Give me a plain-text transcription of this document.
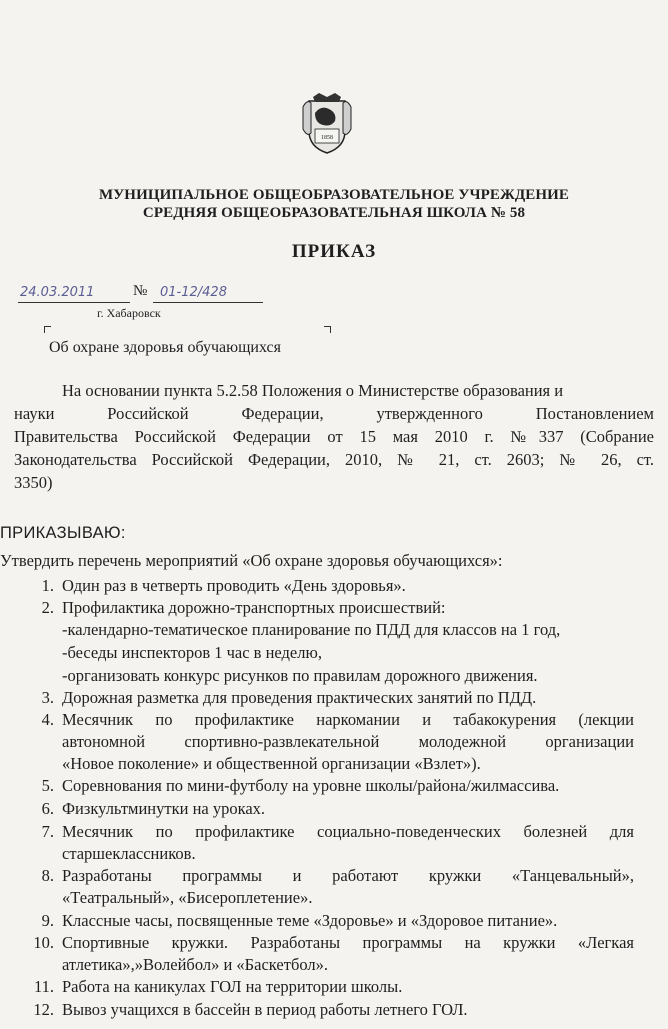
1858
МУНИЦИПАЛЬНОЕ ОБЩЕОБРАЗОВАТЕЛЬНОЕ УЧРЕЖДЕНИЕ
СРЕДНЯЯ ОБЩЕОБРАЗОВАТЕЛЬНАЯ ШКОЛА № 58
ПРИКАЗ
24.03.2011	№ 01-12/428
г. Хабаровск
Об охране здоровья обучающихся
На основании пункта 5.2.58 Положения о Министерстве образования и
науки Российской Федерации, утвержденного Постановлением
Правительства Российской Федерации от 15 мая 2010 г. №337 (Собрание
Законодательства Российской Федерации, 2010, № 21, ст. 2603; № 26, ст.
3350)
ПРИКАЗЫВАЮ:
Утвердить перечень мероприятий «Об охране здоровья обучающихся»:
1. Один раз в четверть проводить «День здоровья».
2. Профилактика дорожно-транспортных происшествий:
-календарно-тематическое планирование по ПДД для классов на 1 год,
-беседы инспекторов 1 час в неделю,
-организовать конкурс рисунков по правилам дорожного движения.
3. Дорожная разметка для проведения практических занятий по ПДД.
4. Месячник по профилактике наркомании и табакокурения (лекции
автономной спортивно-развлекательной молодежной организации
«Новое поколение» и общественной организации «Взлет»).
5. Соревнования по мини-футболу на уровне школы/района/жилмассива.
6. Физкультминутки на уроках.
7. Месячник по профилактике социально-поведенческих болезней для
старшеклассников.
8. Разработаны программы и работают кружки «Танцевальный»,
«Театральный», «Бисероплетение».
9. Классные часы, посвященные теме «Здоровье» и «Здоровое питание».
10. Спортивные кружки. Разработаны программы на кружки «Легкая
атлетика»,»Волейбол» и «Баскетбол».
11. Работа на каникулах ГОЛ на территории школы.
12. Вывоз учащихся в бассейн в период работы летнего ГОЛ.
